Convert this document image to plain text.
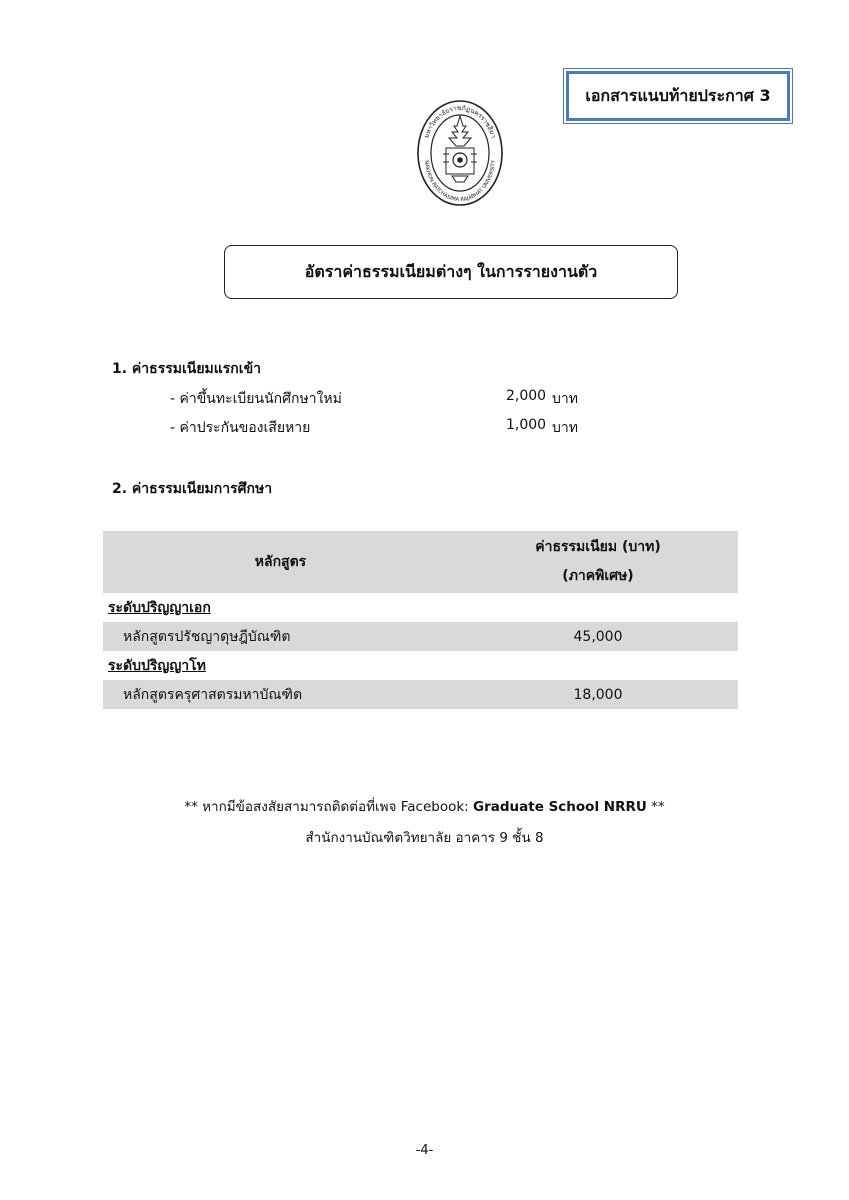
เอกสารแนบท้ายประกาศ 3
มหาวิทยาลัยราชภัฏนครราชสีมา
NAKHON RATCHASIMA RAJABHAT UNIVERSITY
อัตราค่าธรรมเนียมต่างๆ ในการรายงานตัว
1. ค่าธรรมเนียมแรกเข้า
- ค่าขึ้นทะเบียนนักศึกษาใหม่	2,000 บาท
- ค่าประกันของเสียหาย	1,000 บาท
2. ค่าธรรมเนียมการศึกษา
หลักสูตร
ค่าธรรมเนียม (บาท)
(ภาคพิเศษ)
ระดับปริญญาเอก
หลักสูตรปรัชญาดุษฎีบัณฑิต	45,000
ระดับปริญญาโท
หลักสูตรครุศาสตรมหาบัณฑิต	18,000
** หากมีข้อสงสัยสามารถติดต่อที่เพจ Facebook: Graduate School NRRU **
สำนักงานบัณฑิตวิทยาลัย อาคาร 9 ชั้น 8
-4-
